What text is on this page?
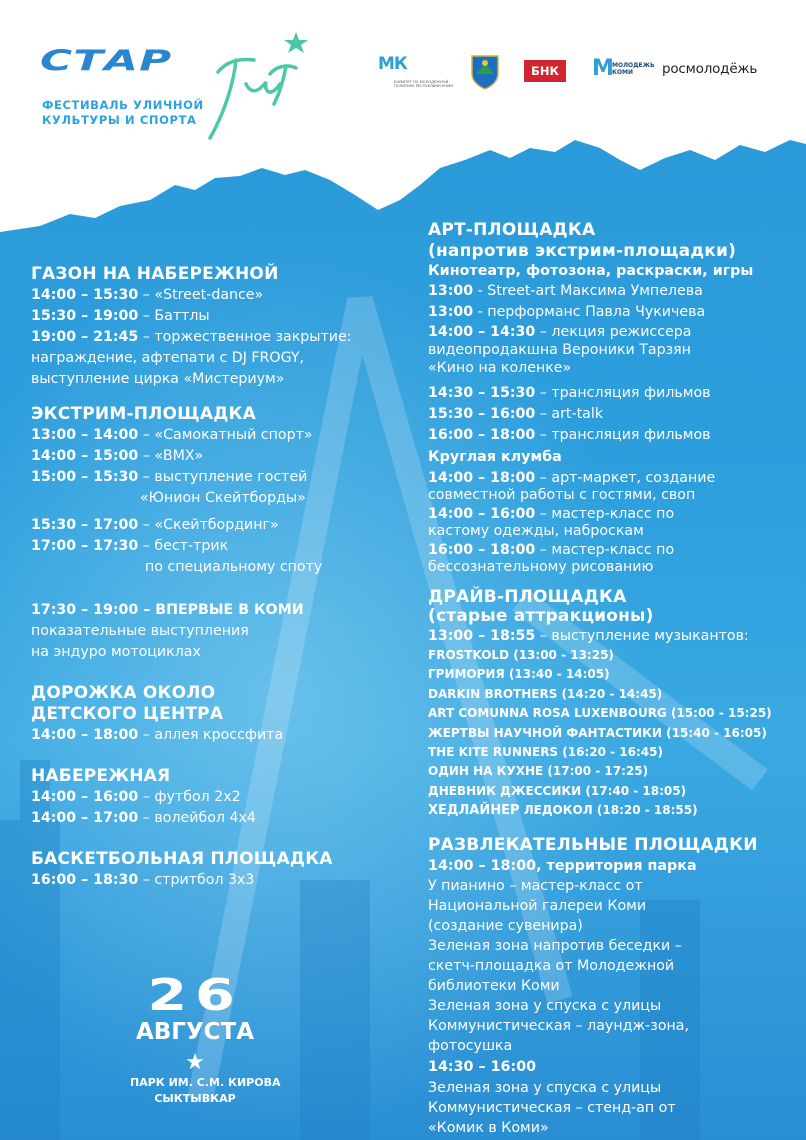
СТАР
ФЕСТИВАЛЬ УЛИЧНОЙ
КУЛЬТУРЫ И СПОРТА
МК
КОМИТЕТ ПО МОЛОДЕЖНОЙ ПОЛИТИКЕ РЕСПУБЛИКИ КОМИ
БНК	М
МОЛОДЕЖЬ
КОМИ	росмолодёжь
ГАЗОН НА НАБЕРЕЖНОЙ
14:00 – 15:30 – «Street-dance»
15:30 – 19:00 – Баттлы
19:00 – 21:45 – торжественное закрытие:
награждение, афтепати с DJ FROGY,
выступление цирка «Мистериум»
ЭКСТРИМ-ПЛОЩАДКА
13:00 – 14:00 – «Самокатный спорт»
14:00 – 15:00 – «BMX»
15:00 – 15:30 – выступление гостей
«Юнион Скейтборды»
15:30 – 17:00 – «Скейтбординг»
17:00 – 17:30 – бест-трик
по специальному споту
17:30 – 19:00 – ВПЕРВЫЕ В КОМИ
показательные выступления
на эндуро мотоциклах
ДОРОЖКА ОКОЛО
ДЕТСКОГО ЦЕНТРА
14:00 – 18:00 – аллея кроссфита
НАБЕРЕЖНАЯ
14:00 – 16:00 – футбол 2х2
14:00 – 17:00 – волейбол 4х4
БАСКЕТБОЛЬНАЯ ПЛОЩАДКА
16:00 – 18:30 – стритбол 3х3
АРТ-ПЛОЩАДКА
(напротив экстрим-площадки)
Кинотеатр, фотозона, раскраски, игры
13:00 - Street-art Максима Умпелева
13:00 - перформанс Павла Чукичева
14:00 – 14:30 – лекция режиссера
видеопродакшна Вероники Тарзян
«Кино на коленке»
14:30 – 15:30 – трансляция фильмов
15:30 – 16:00 – art-talk
16:00 – 18:00 – трансляция фильмов
Круглая клумба
14:00 – 18:00 – арт-маркет, создание
совместной работы с гостями, своп
14:00 – 16:00 – мастер-класс по
кастому одежды, наброскам
16:00 – 18:00 – мастер-класс по
бессознательному рисованию
ДРАЙВ-ПЛОЩАДКА
(старые аттракционы)
13:00 – 18:55 – выступление музыкантов:
FROSTKOLD (13:00 - 13:25)
ГРИМОРИЯ (13:40 - 14:05)
DARKIN BROTHERS (14:20 - 14:45)
ART COMUNNA ROSA LUXENBOURG (15:00 - 15:25)
ЖЕРТВЫ НАУЧНОЙ ФАНТАСТИКИ (15:40 - 16:05)
THE KITE RUNNERS (16:20 - 16:45)
ОДИН НА КУХНЕ (17:00 - 17:25)
ДНЕВНИК ДЖЕССИКИ (17:40 - 18:05)
ХЕДЛАЙНЕР ЛЕДОКОЛ (18:20 - 18:55)
РАЗВЛЕКАТЕЛЬНЫЕ ПЛОЩАДКИ
14:00 – 18:00, территория парка
У пианино – мастер-класс от
Национальной галереи Коми
(создание сувенира)
Зеленая зона напротив беседки –
скетч-площадка от Молодежной
библиотеки Коми
Зеленая зона у спуска с улицы
Коммунистическая – лаундж-зона,
фотосушка
14:30 – 16:00
Зеленая зона у спуска с улицы
Коммунистическая – стенд-ап от
«Комик в Коми»
26
АВГУСТА
★
ПАРК ИМ. С.М. КИРОВА
СЫКТЫВКАР
